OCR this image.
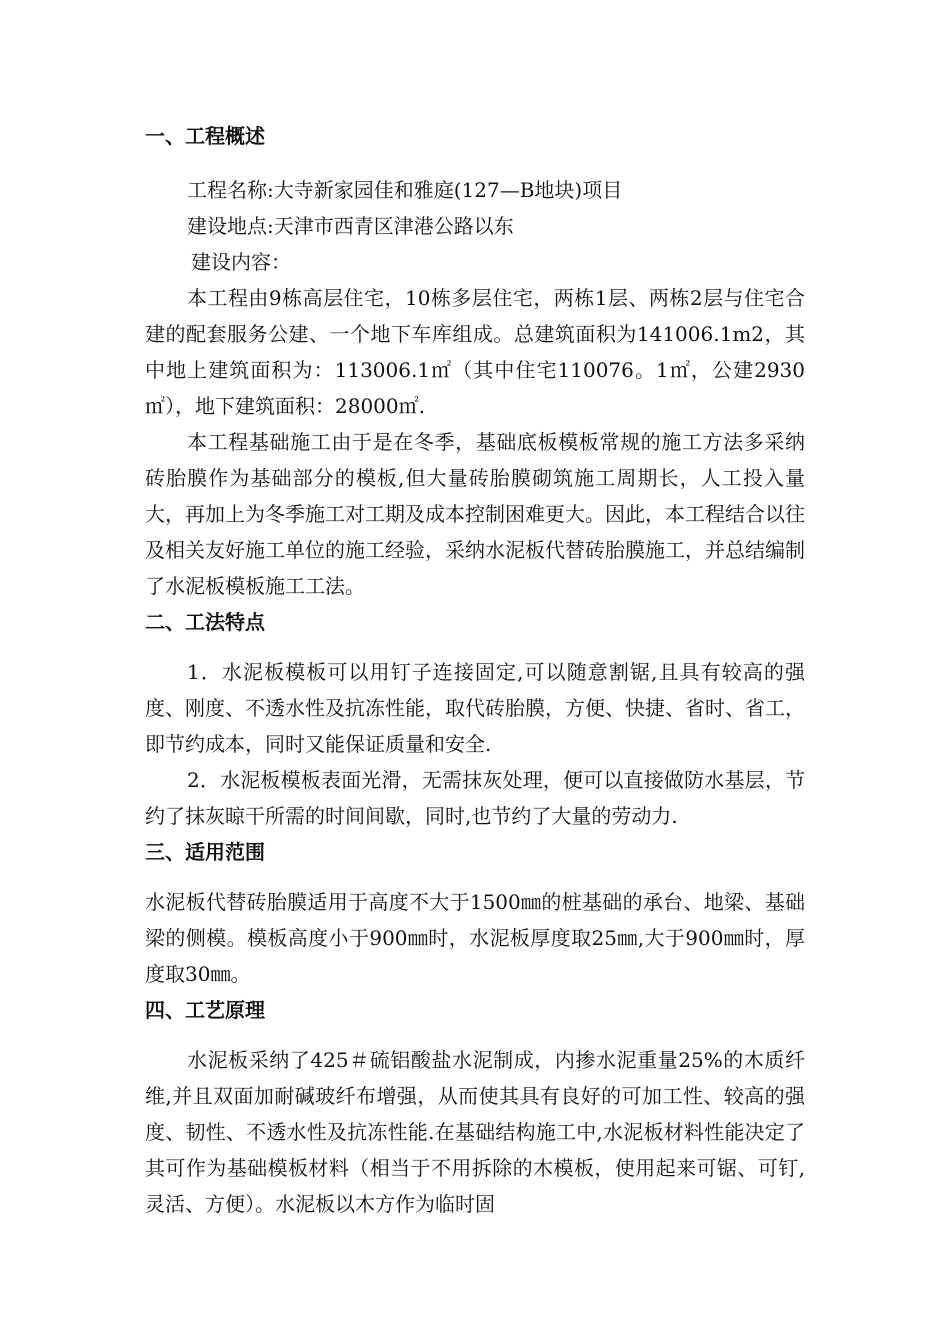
一、工程概述

工程名称:大寺新家园佳和雅庭(127—B地块)项目

建设地点:天津市西青区津港公路以东

建设内容：

本工程由9栋高层住宅，10栋多层住宅，两栋1层、两栋2层与住宅合建的配套服务公建、一个地下车库组成。总建筑面积为141006.1m2，其中地上建筑面积为：113006.1㎡（其中住宅110076。1㎡，公建2930㎡），地下建筑面积：28000㎡.

本工程基础施工由于是在冬季，基础底板模板常规的施工方法多采纳砖胎膜作为基础部分的模板,但大量砖胎膜砌筑施工周期长，人工投入量大，再加上为冬季施工对工期及成本控制困难更大。因此，本工程结合以往及相关友好施工单位的施工经验，采纳水泥板代替砖胎膜施工，并总结编制了水泥板模板施工工法。

二、工法特点

1．水泥板模板可以用钉子连接固定,可以随意割锯,且具有较高的强度、刚度、不透水性及抗冻性能，取代砖胎膜，方便、快捷、省时、省工，即节约成本，同时又能保证质量和安全.

2．水泥板模板表面光滑，无需抹灰处理，便可以直接做防水基层，节约了抹灰晾干所需的时间间歇，同时,也节约了大量的劳动力.

三、适用范围

水泥板代替砖胎膜适用于高度不大于1500㎜的桩基础的承台、地梁、基础梁的侧模。模板高度小于900㎜时，水泥板厚度取25㎜,大于900㎜时，厚度取30㎜。

四、工艺原理

水泥板采纳了425＃硫铝酸盐水泥制成，内掺水泥重量25%的木质纤维,并且双面加耐碱玻纤布增强，从而使其具有良好的可加工性、较高的强度、韧性、不透水性及抗冻性能.在基础结构施工中,水泥板材料性能决定了其可作为基础模板材料（相当于不用拆除的木模板，使用起来可锯、可钉,灵活、方便）。水泥板以木方作为临时固
